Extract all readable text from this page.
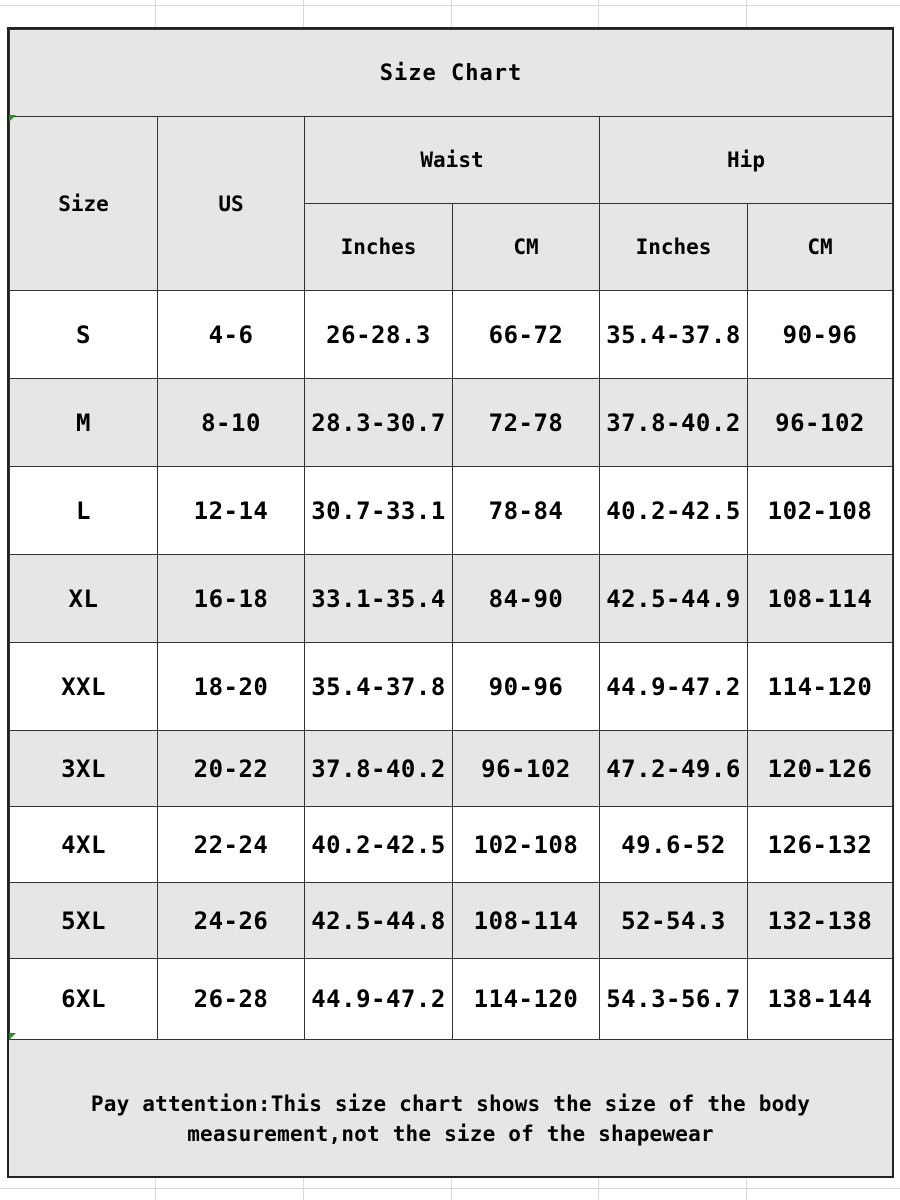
Size Chart					
Size	US	Waist		Hip	
		Inches	CM	Inches	CM
S	4-6	26-28.3	66-72	35.4-37.8	90-96
M	8-10	28.3-30.7	72-78	37.8-40.2	96-102
L	12-14	30.7-33.1	78-84	40.2-42.5	102-108
XL	16-18	33.1-35.4	84-90	42.5-44.9	108-114
XXL	18-20	35.4-37.8	90-96	44.9-47.2	114-120
3XL	20-22	37.8-40.2	96-102	47.2-49.6	120-126
4XL	22-24	40.2-42.5	102-108	49.6-52	126-132
5XL	24-26	42.5-44.8	108-114	52-54.3	132-138
6XL	26-28	44.9-47.2	114-120	54.3-56.7	138-144
Pay attention:This size chart shows the size of the body
measurement,not the size of the shapewear
